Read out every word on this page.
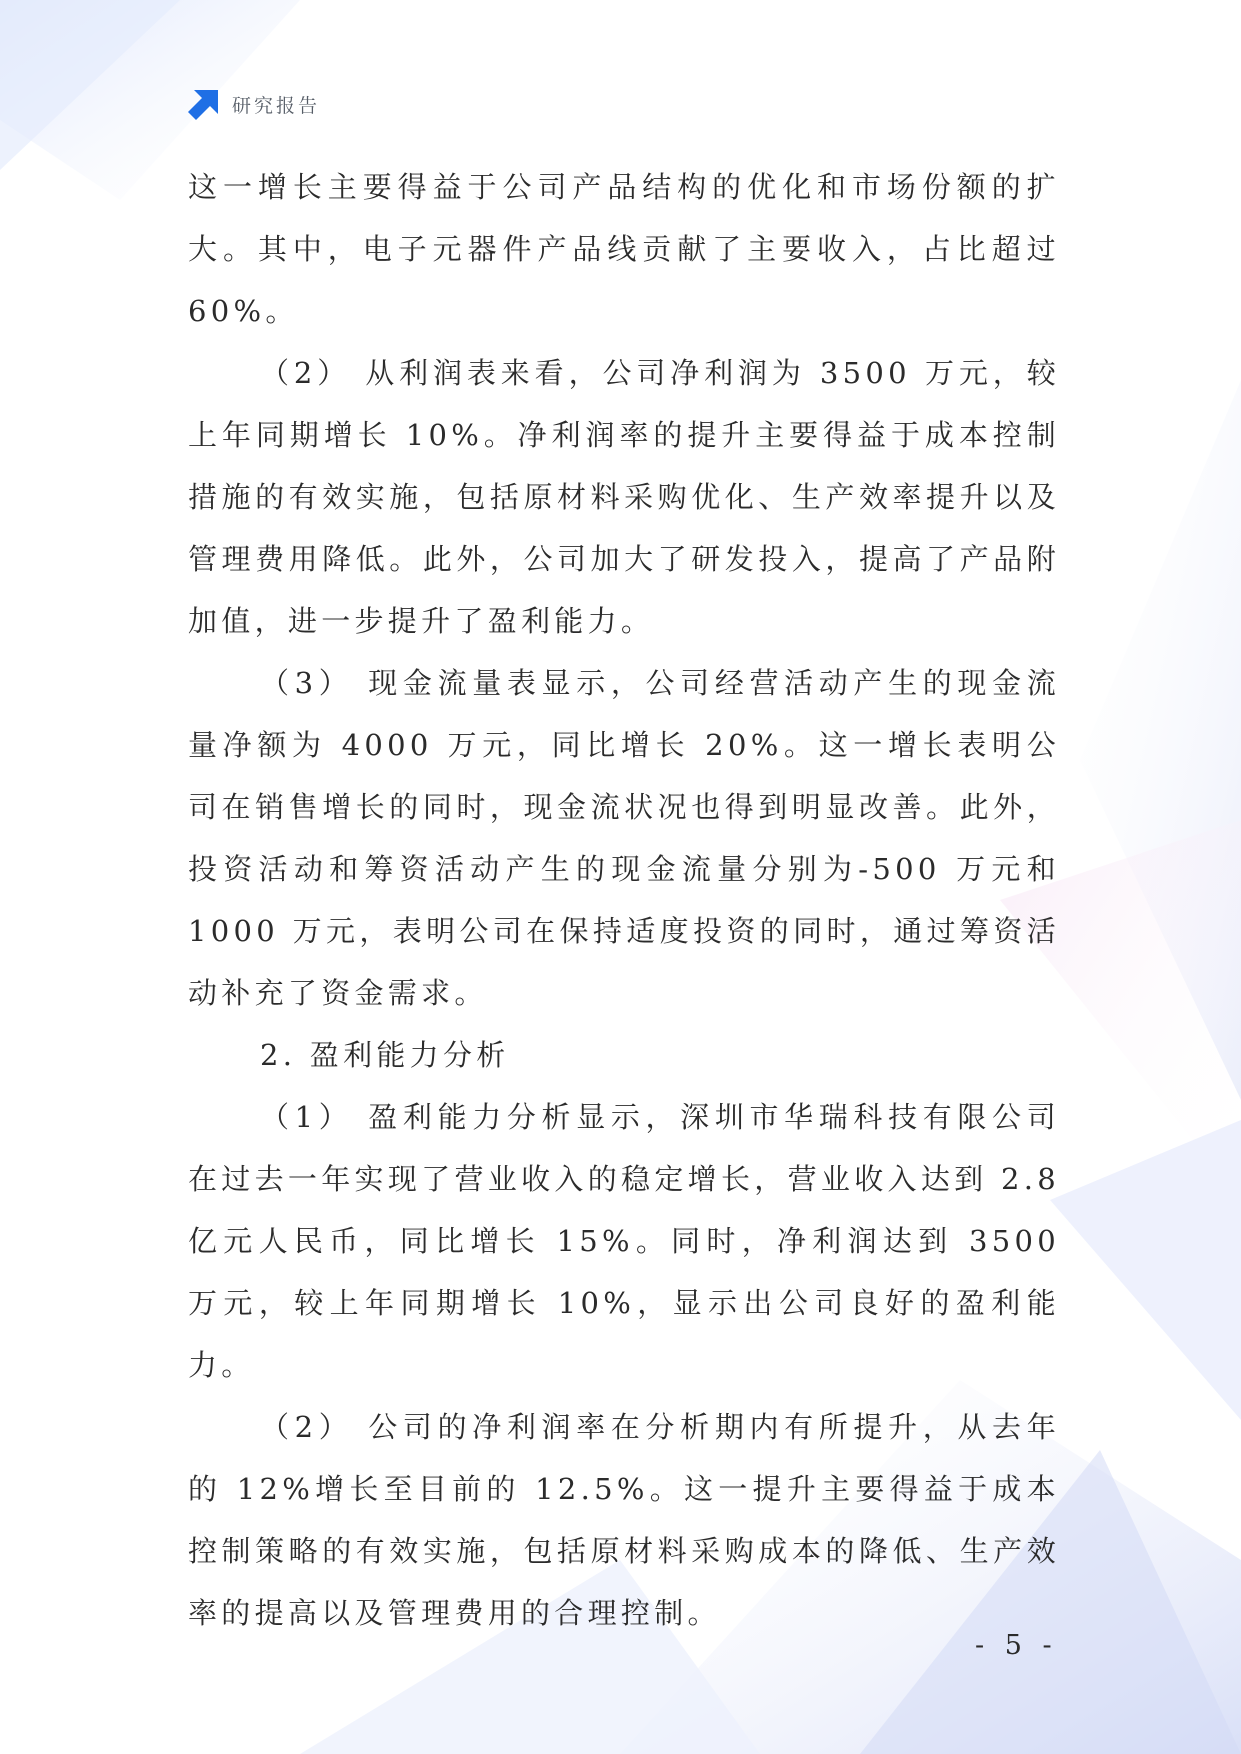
研究报告

这一增长主要得益于公司产品结构的优化和市场份额的扩大。其中，电子元器件产品线贡献了主要收入，占比超过60%。

（2） 从利润表来看，公司净利润为 3500 万元，较上年同期增长 10%。净利润率的提升主要得益于成本控制措施的有效实施，包括原材料采购优化、生产效率提升以及管理费用降低。此外，公司加大了研发投入，提高了产品附加值，进一步提升了盈利能力。

（3） 现金流量表显示，公司经营活动产生的现金流量净额为 4000 万元，同比增长 20%。这一增长表明公司在销售增长的同时，现金流状况也得到明显改善。此外，投资活动和筹资活动产生的现金流量分别为-500 万元和 1000 万元，表明公司在保持适度投资的同时，通过筹资活动补充了资金需求。

2. 盈利能力分析

（1） 盈利能力分析显示，深圳市华瑞科技有限公司在过去一年实现了营业收入的稳定增长，营业收入达到 2.8 亿元人民币，同比增长 15%。同时，净利润达到 3500 万元，较上年同期增长 10%，显示出公司良好的盈利能力。

（2） 公司的净利润率在分析期内有所提升，从去年的 12%增长至目前的 12.5%。这一提升主要得益于成本控制策略的有效实施，包括原材料采购成本的降低、生产效率的提高以及管理费用的合理控制。

- 5 -
